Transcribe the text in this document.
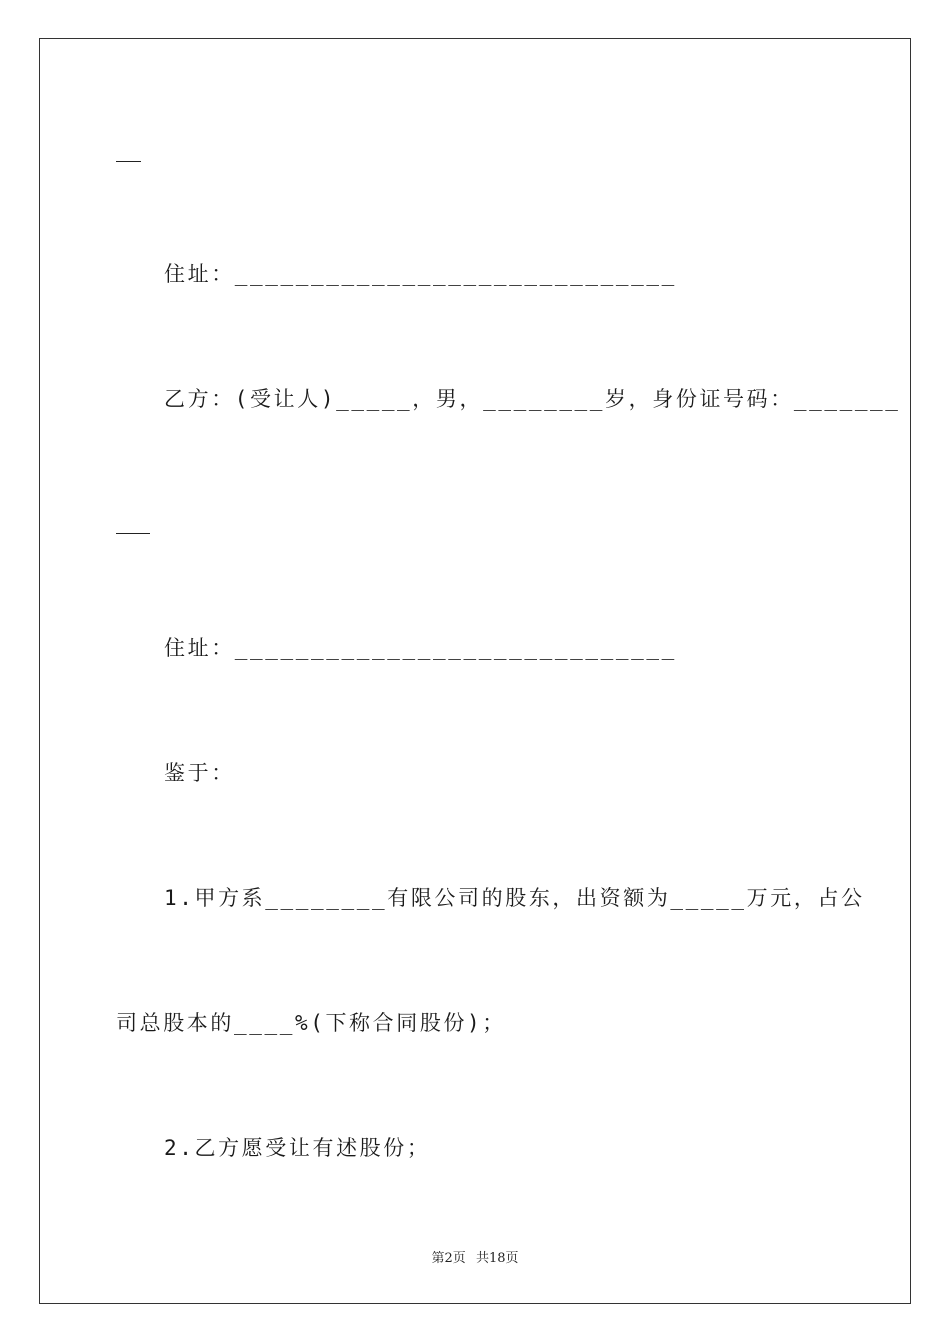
住址：_____________________________
乙方：(受让人)_____，男，________岁，身份证号码：_______
住址：_____________________________
鉴于：
1.甲方系________有限公司的股东，出资额为_____万元，占公
司总股本的____%(下称合同股份)；
2.乙方愿受让有述股份；
第2页 共18页
